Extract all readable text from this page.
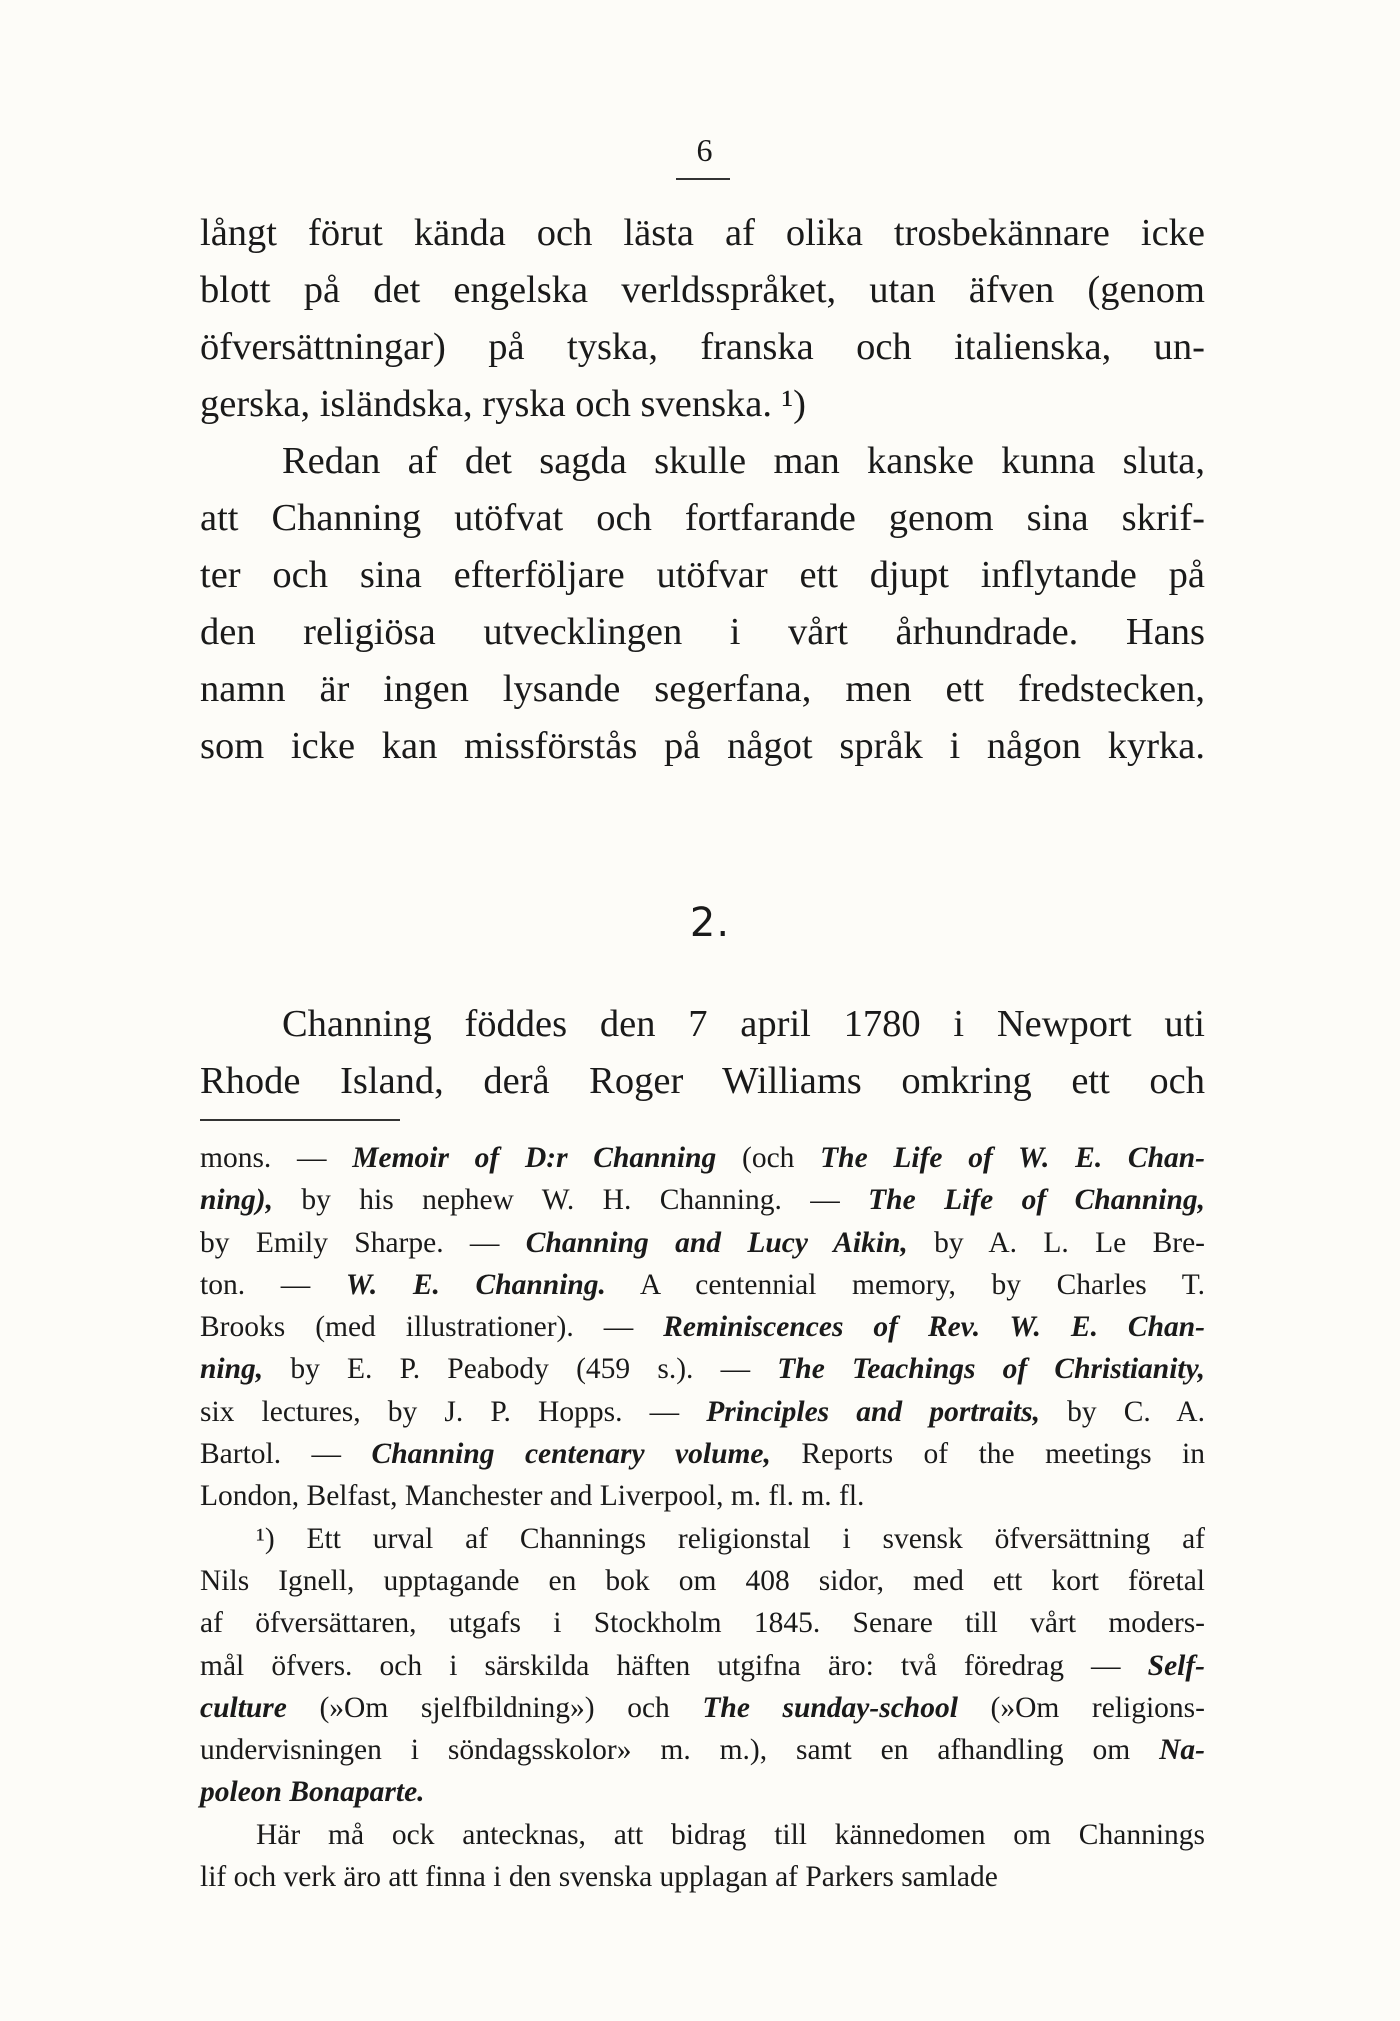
6
långt förut kända och lästa af olika trosbekännare icke
blott på det engelska verldsspråket, utan äfven (genom
öfversättningar) på tyska, franska och italienska, un-
gerska, isländska, ryska och svenska. ¹)
Redan af det sagda skulle man kanske kunna sluta,
att Channing utöfvat och fortfarande genom sina skrif-
ter och sina efterföljare utöfvar ett djupt inflytande på
den religiösa utvecklingen i vårt århundrade. Hans
namn är ingen lysande segerfana, men ett fredstecken,
som icke kan missförstås på något språk i någon kyrka.
2.
Channing föddes den 7 april 1780 i Newport uti
Rhode Island, derå Roger Williams omkring ett och
mons. — Memoir of D:r Channing (och The Life of W. E. Chan-
ning), by his nephew W. H. Channing. — The Life of Channing,
by Emily Sharpe. — Channing and Lucy Aikin, by A. L. Le Bre-
ton. — W. E. Channing. A centennial memory, by Charles T.
Brooks (med illustrationer). — Reminiscences of Rev. W. E. Chan-
ning, by E. P. Peabody (459 s.). — The Teachings of Christianity,
six lectures, by J. P. Hopps. — Principles and portraits, by C. A.
Bartol. — Channing centenary volume, Reports of the meetings in
London, Belfast, Manchester and Liverpool, m. fl. m. fl.
¹) Ett urval af Channings religionstal i svensk öfversättning af
Nils Ignell, upptagande en bok om 408 sidor, med ett kort företal
af öfversättaren, utgafs i Stockholm 1845. Senare till vårt moders-
mål öfvers. och i särskilda häften utgifna äro: två föredrag — Self-
culture (»Om sjelfbildning») och The sunday-school (»Om religions-
undervisningen i söndagsskolor» m. m.), samt en afhandling om Na-
poleon Bonaparte.
Här må ock antecknas, att bidrag till kännedomen om Channings
lif och verk äro att finna i den svenska upplagan af Parkers samlade
